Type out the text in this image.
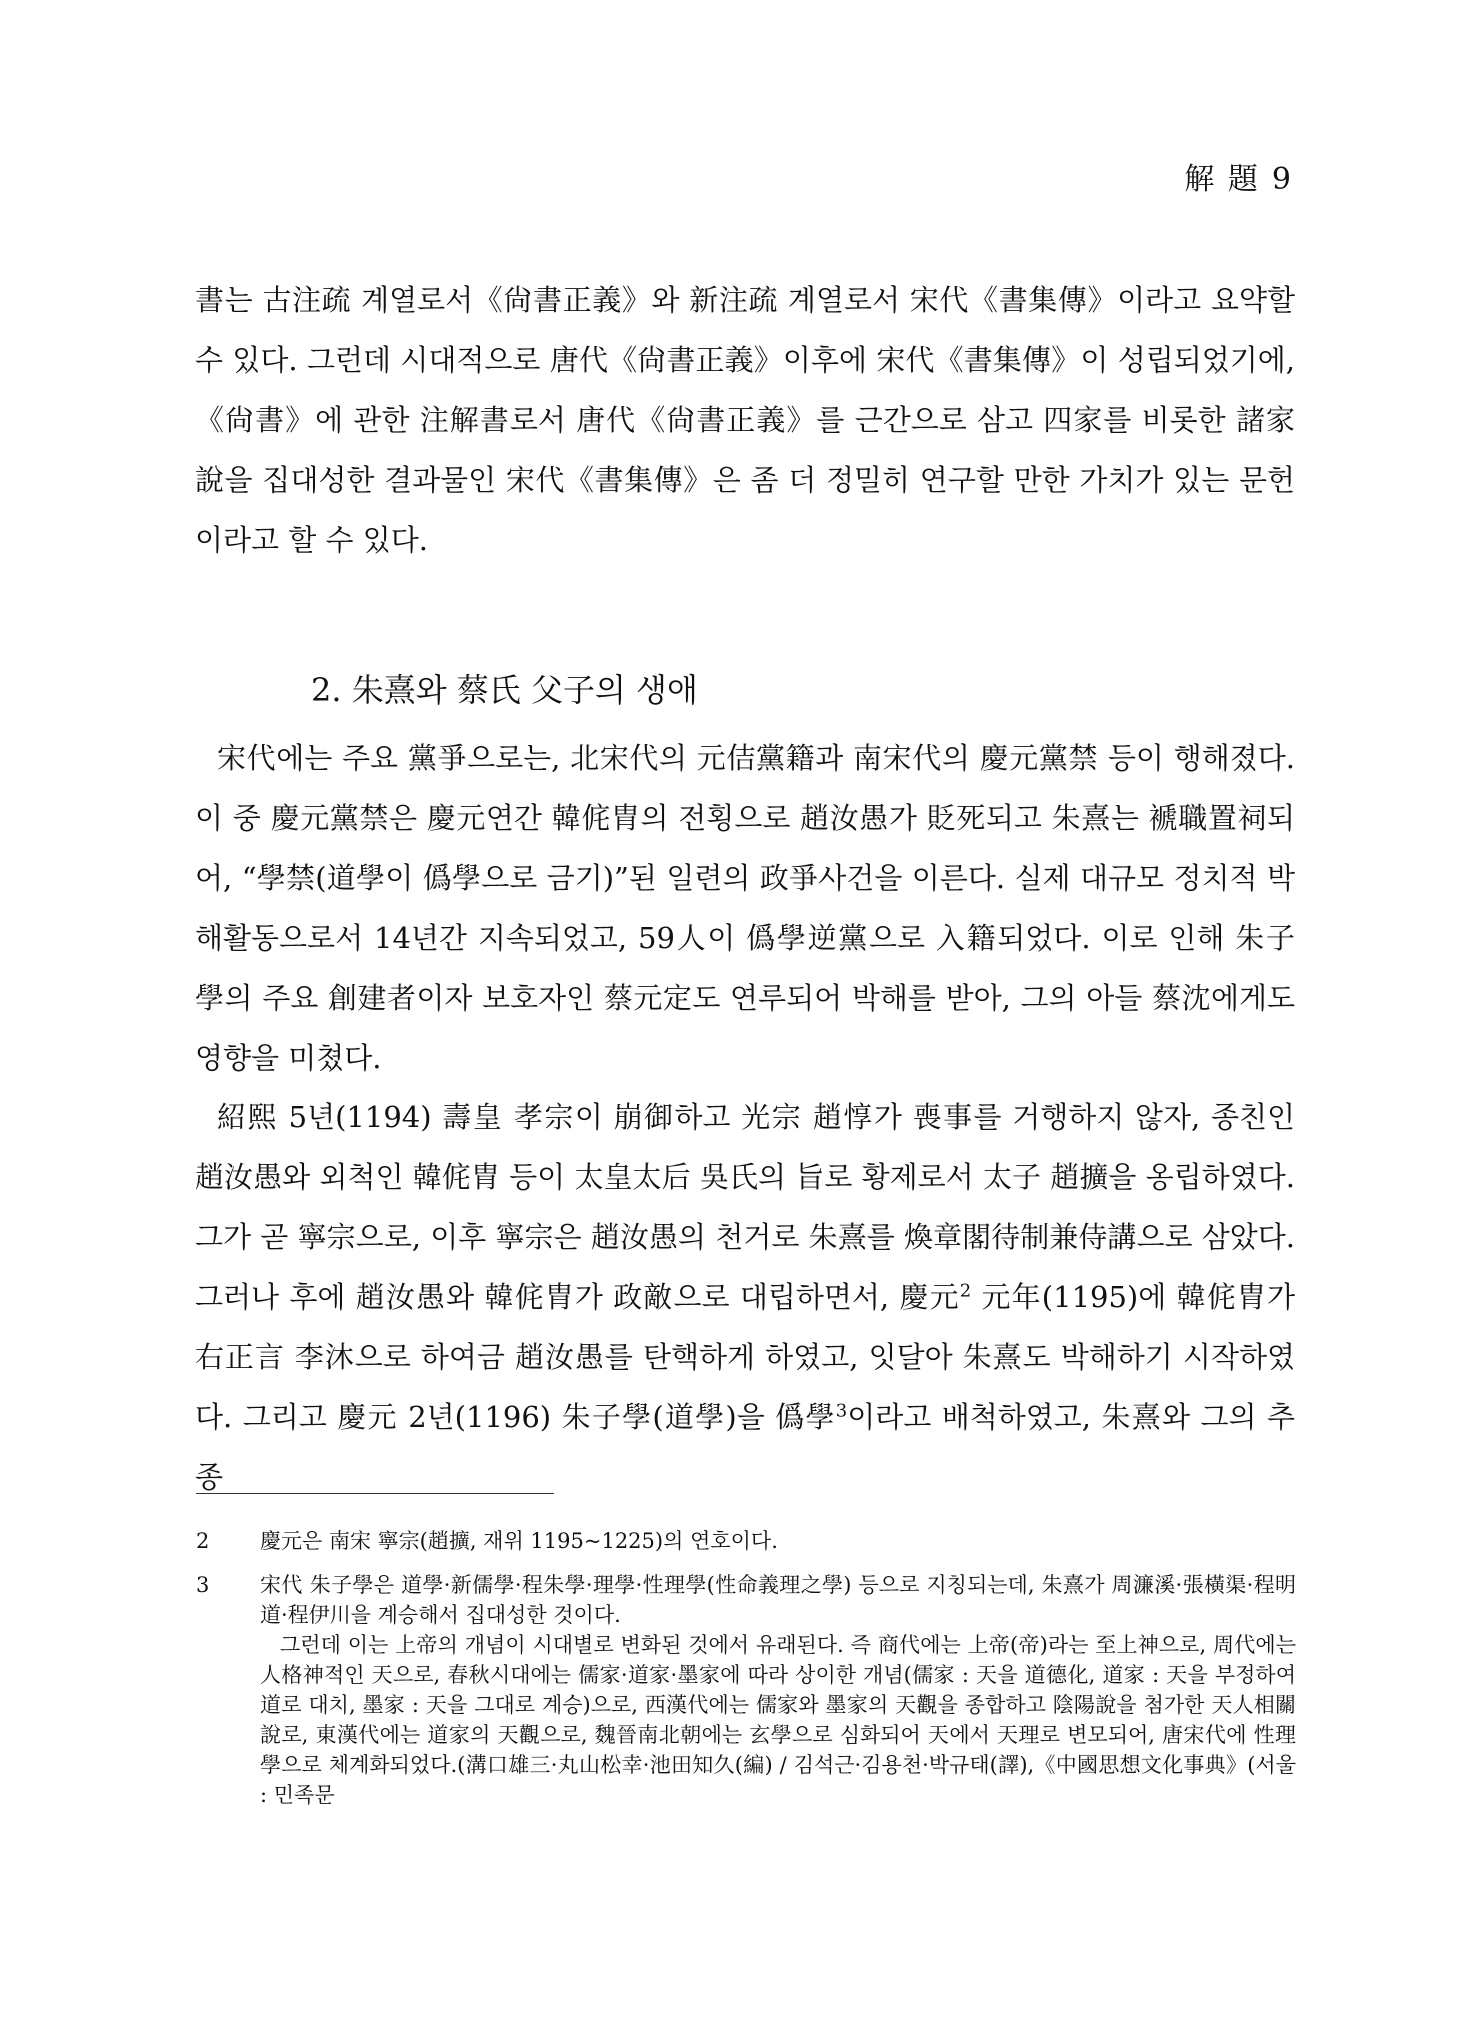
解 題 9

書는 古注疏 계열로서《尙書正義》와 新注疏 계열로서 宋代《書集傳》이라고 요약할 수 있다. 그런데 시대적으로 唐代《尙書正義》이후에 宋代《書集傳》이 성립되었기에,《尙書》에 관한 注解書로서 唐代《尙書正義》를 근간으로 삼고 四家를 비롯한 諸家說을 집대성한 결과물인 宋代《書集傳》은 좀 더 정밀히 연구할 만한 가치가 있는 문헌이라고 할 수 있다.

2. 朱熹와 蔡氏 父子의 생애

宋代에는 주요 黨爭으로는, 北宋代의 元佶黨籍과 南宋代의 慶元黨禁 등이 행해졌다. 이 중 慶元黨禁은 慶元연간 韓侂胄의 전횡으로 趙汝愚가 貶死되고 朱熹는 褫職置祠되어, “學禁(道學이 僞學으로 금기)”된 일련의 政爭사건을 이른다. 실제 대규모 정치적 박해활동으로서 14년간 지속되었고, 59人이 僞學逆黨으로 入籍되었다. 이로 인해 朱子學의 주요 創建者이자 보호자인 蔡元定도 연루되어 박해를 받아, 그의 아들 蔡沈에게도 영향을 미쳤다.

紹熙 5년(1194) 壽皇 孝宗이 崩御하고 光宗 趙惇가 喪事를 거행하지 않자, 종친인 趙汝愚와 외척인 韓侂胄 등이 太皇太后 吳氏의 旨로 황제로서 太子 趙擴을 옹립하였다. 그가 곧 寧宗으로, 이후 寧宗은 趙汝愚의 천거로 朱熹를 煥章閣待制兼侍講으로 삼았다. 그러나 후에 趙汝愚와 韓侂胄가 政敵으로 대립하면서, 慶元$^2$ 元年(1195)에 韓侂胄가 右正言 李沐으로 하여금 趙汝愚를 탄핵하게 하였고, 잇달아 朱熹도 박해하기 시작하였다. 그리고 慶元 2년(1196) 朱子學(道學)을 僞學$^3$이라고 배척하였고, 朱熹와 그의 추종

2	慶元은 南宋 寧宗(趙擴, 재위 1195~1225)의 연호이다.
3	宋代 朱子學은 道學·新儒學·程朱學·理學·性理學(性命義理之學) 등으로 지칭되는데, 朱熹가 周濂溪·張橫渠·程明道·程伊川을 계승해서 집대성한 것이다.
그런데 이는 上帝의 개념이 시대별로 변화된 것에서 유래된다. 즉 商代에는 上帝(帝)라는 至上神으로, 周代에는 人格神적인 天으로, 春秋시대에는 儒家·道家·墨家에 따라 상이한 개념(儒家 : 天을 道德化, 道家 : 天을 부정하여 道로 대치, 墨家 : 天을 그대로 계승)으로, 西漢代에는 儒家와 墨家의 天觀을 종합하고 陰陽說을 첨가한 天人相關說로, 東漢代에는 道家의 天觀으로, 魏晉南北朝에는 玄學으로 심화되어 天에서 天理로 변모되어, 唐宋代에 性理學으로 체계화되었다.(溝口雄三·丸山松幸·池田知久(編) / 김석근·김용천·박규태(譯),《中國思想文化事典》(서울 : 민족문
